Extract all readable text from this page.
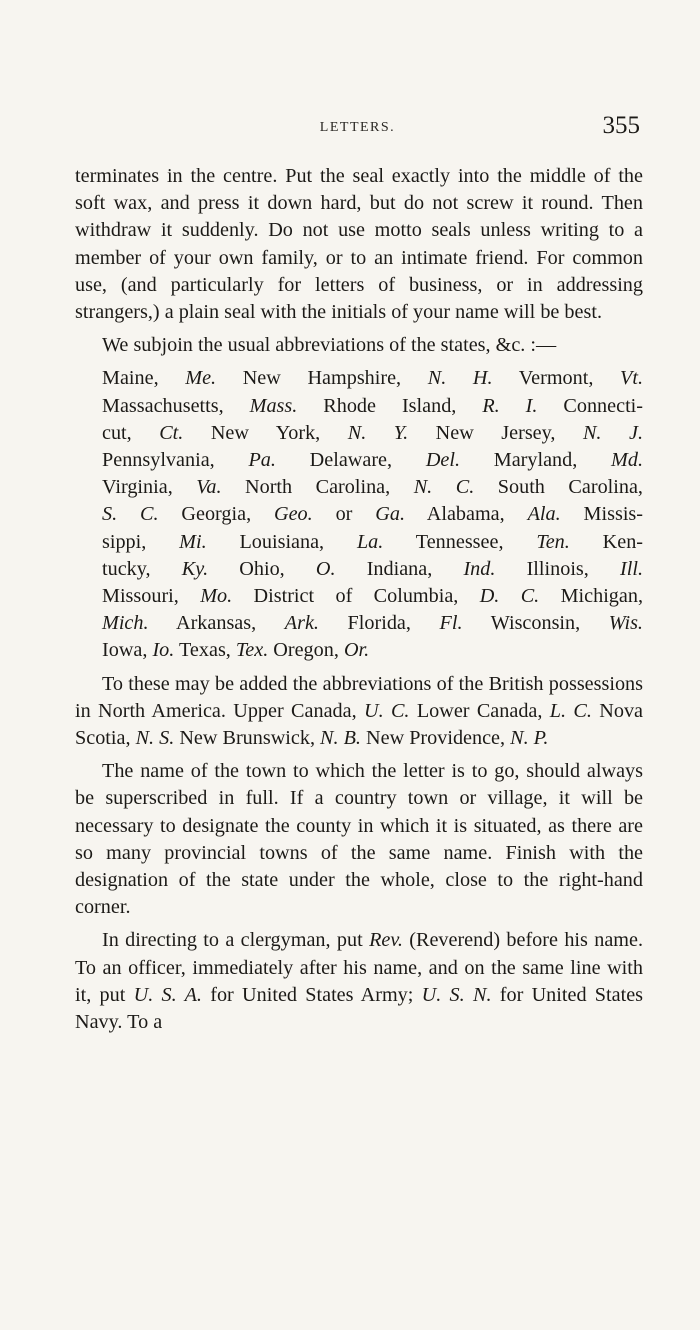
LETTERS.	355

terminates in the centre. Put the seal exactly into the middle of the soft wax, and press it down hard, but do not screw it round. Then withdraw it suddenly. Do not use motto seals unless writing to a member of your own family, or to an intimate friend. For common use, (and particularly for letters of business, or in addressing strangers,) a plain seal with the initials of your name will be best.

We subjoin the usual abbreviations of the states, &c. :—

Maine, Me. New Hampshire, N. H. Vermont, Vt.
Massachusetts, Mass. Rhode Island, R. I. Connecti-
cut, Ct. New York, N. Y. New Jersey, N. J.
Pennsylvania, Pa. Delaware, Del. Maryland, Md.
Virginia, Va. North Carolina, N. C. South Carolina,
S. C. Georgia, Geo. or Ga. Alabama, Ala. Missis-
sippi, Mi. Louisiana, La. Tennessee, Ten. Ken-
tucky, Ky. Ohio, O. Indiana, Ind. Illinois, Ill.
Missouri, Mo. District of Columbia, D. C. Michigan,
Mich. Arkansas, Ark. Florida, Fl. Wisconsin, Wis.
Iowa, Io. Texas, Tex. Oregon, Or.

To these may be added the abbreviations of the British possessions in North America. Upper Canada, U. C. Lower Canada, L. C. Nova Scotia, N. S. New Brunswick, N. B. New Providence, N. P.

The name of the town to which the letter is to go, should always be superscribed in full. If a country town or village, it will be necessary to designate the county in which it is situated, as there are so many provincial towns of the same name. Finish with the designation of the state under the whole, close to the right-hand corner.

In directing to a clergyman, put Rev. (Reverend) before his name. To an officer, immediately after his name, and on the same line with it, put U. S. A. for United States Army; U. S. N. for United States Navy. To a
